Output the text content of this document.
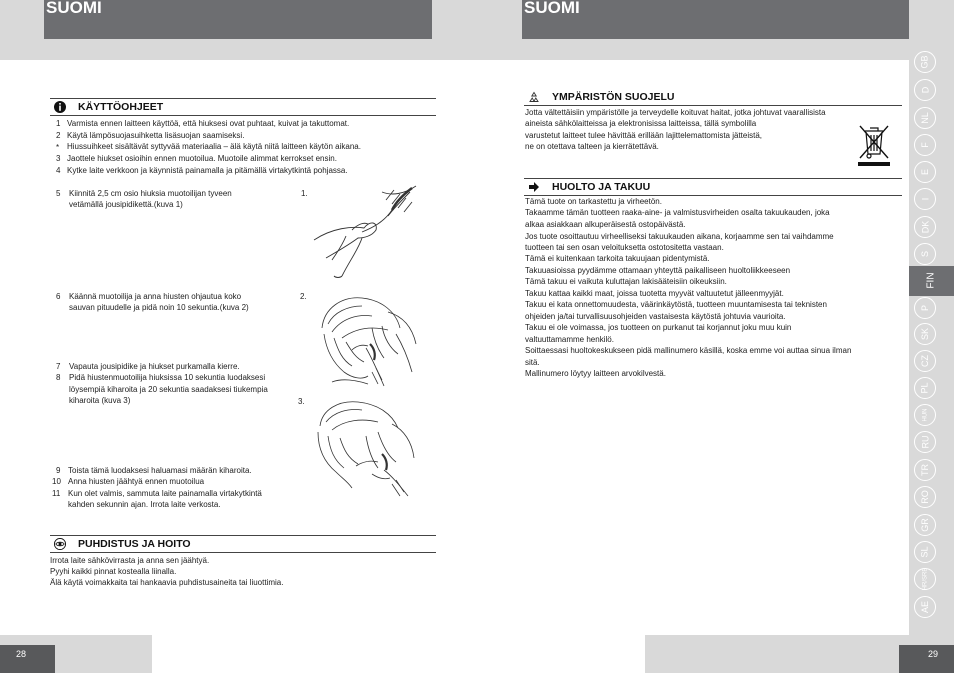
SUOMI	SUOMI
28	29
GB
D
NL
F
E
I
DK
S
FIN
P
SK
CZ
PL
HUN
RU
TR
RO
GR
SL
HR/SRB
AE
KÄYTTÖOHJEET
1 Varmista ennen laitteen käyttöä, että hiuksesi ovat puhtaat, kuivat ja takuttomat.
2 Käytä lämpösuojasuihketta lisäsuojan saamiseksi.
* Hiussuihkeet sisältävät syttyvää materiaalia – älä käytä niitä laitteen käytön aikana.
3 Jaottele hiukset osioihin ennen muotoilua. Muotoile alimmat kerrokset ensin.
4 Kytke laite verkkoon ja käynnistä painamalla ja pitämällä virtakytkintä pohjassa.
5 Kiinnitä 2,5 cm osio hiuksia muotoilijan tyveen
vetämällä jousipidikettä.(kuva 1)
1.
6 Käännä muotoilija ja anna hiusten ohjautua koko
sauvan pituudelle ja pidä noin 10 sekuntia.(kuva 2)
2.
7 Vapauta jousipidike ja hiukset purkamalla kierre.
8 Pidä hiustenmuotoilija hiuksissa 10 sekuntia luodaksesi
löysempiä kiharoita ja 20 sekuntia saadaksesi tiukempia
kiharoita (kuva 3)	3.
9 Toista tämä luodaksesi haluamasi määrän kiharoita.
10 Anna hiusten jäähtyä ennen muotoilua
11 Kun olet valmis, sammuta laite painamalla virtakytkintä
kahden sekunnin ajan. Irrota laite verkosta.
PUHDISTUS JA HOITO
Irrota laite sähkövirrasta ja anna sen jäähtyä.
Pyyhi kaikki pinnat kostealla liinalla.
Älä käytä voimakkaita tai hankaavia puhdistusaineita tai liuottimia.
YMPÄRISTÖN SUOJELU
Jotta vältettäisiin ympäristölle ja terveydelle koituvat haitat, jotka johtuvat vaarallisista
aineista sähkölaitteissa ja elektronisissa laitteissa, tällä symbolilla
varustetut laitteet tulee hävittää erillään lajittelemattomista jätteistä,
ne on otettava talteen ja kierrätettävä.
HUOLTO JA TAKUU
Tämä tuote on tarkastettu ja virheetön.
Takaamme tämän tuotteen raaka-aine- ja valmistusvirheiden osalta takuukauden, joka
alkaa asiakkaan alkuperäisestä ostopäivästä.
Jos tuote osoittautuu virheelliseksi takuukauden aikana, korjaamme sen tai vaihdamme
tuotteen tai sen osan veloituksetta ostotositetta vastaan.
Tämä ei kuitenkaan tarkoita takuujaan pidentymistä.
Takuuasioissa pyydämme ottamaan yhteyttä paikalliseen huoltoliikkeeseen
Tämä takuu ei vaikuta kuluttajan lakisääteisiin oikeuksiin.
Takuu kattaa kaikki maat, joissa tuotetta myyvät valtuutetut jälleenmyyjät.
Takuu ei kata onnettomuudesta, väärinkäytöstä, tuotteen muuntamisesta tai teknisten
ohjeiden ja/tai turvallisuusohjeiden vastaisesta käytöstä johtuvia vaurioita.
Takuu ei ole voimassa, jos tuotteen on purkanut tai korjannut joku muu kuin
valtuuttamamme henkilö.
Soittaessasi huoltokeskukseen pidä mallinumero käsillä, koska emme voi auttaa sinua ilman
sitä.
Mallinumero löytyy laitteen arvokilvestä.
